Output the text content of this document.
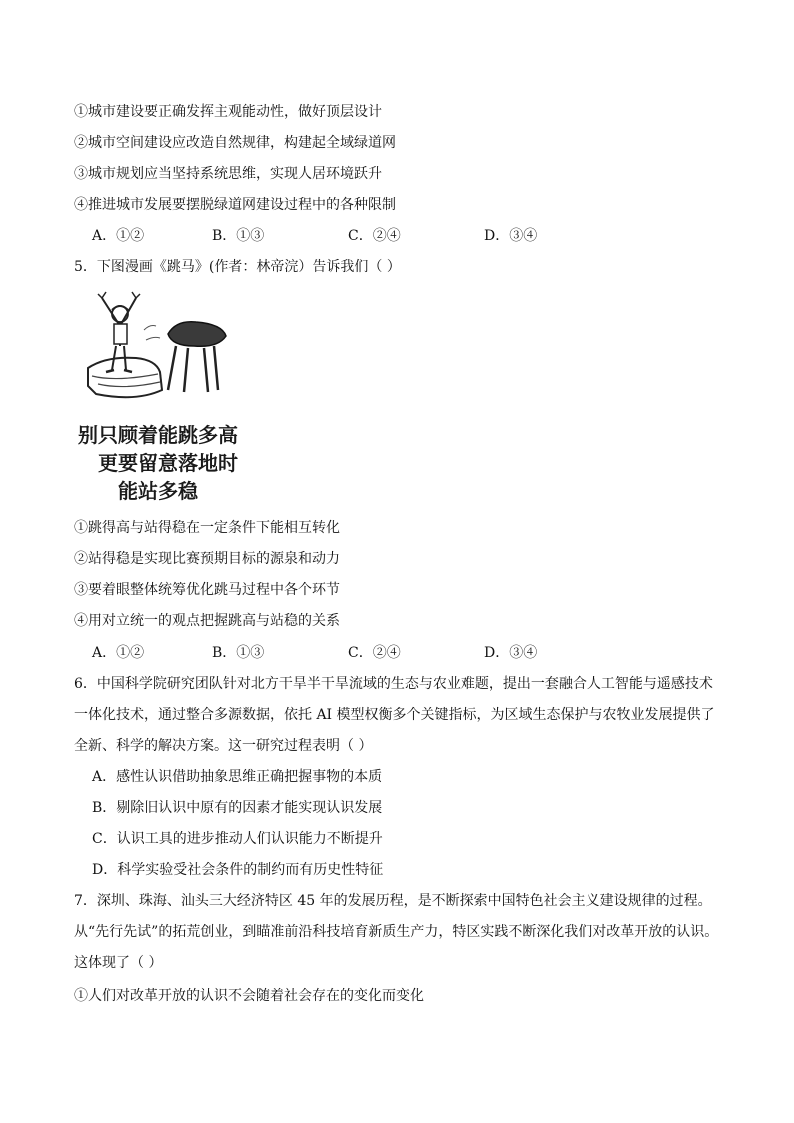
①城市建设要正确发挥主观能动性，做好顶层设计
②城市空间建设应改造自然规律，构建起全域绿道网
③城市规划应当坚持系统思维，实现人居环境跃升
④推进城市发展要摆脱绿道网建设过程中的各种限制
A．①②	B．①③	C．②④	D．③④
5．下图漫画《跳马》(作者：林帝浣）告诉我们（ ）
别只顾着能跳多高
更要留意落地时
能站多稳
①跳得高与站得稳在一定条件下能相互转化
②站得稳是实现比赛预期目标的源泉和动力
③要着眼整体统筹优化跳马过程中各个环节
④用对立统一的观点把握跳高与站稳的关系
A．①②	B．①③	C．②④	D．③④
6．中国科学院研究团队针对北方干旱半干旱流域的生态与农业难题，提出一套融合人工智能与遥感技术一体化技术，通过整合多源数据，依托 AI 模型权衡多个关键指标，为区域生态保护与农牧业发展提供了全新、科学的解决方案。这一研究过程表明（ ）
A．感性认识借助抽象思维正确把握事物的本质
B．剔除旧认识中原有的因素才能实现认识发展
C．认识工具的进步推动人们认识能力不断提升
D．科学实验受社会条件的制约而有历史性特征
7．深圳、珠海、汕头三大经济特区 45 年的发展历程，是不断探索中国特色社会主义建设规律的过程。从“先行先试”的拓荒创业，到瞄准前沿科技培育新质生产力，特区实践不断深化我们对改革开放的认识。这体现了（ ）
①人们对改革开放的认识不会随着社会存在的变化而变化
